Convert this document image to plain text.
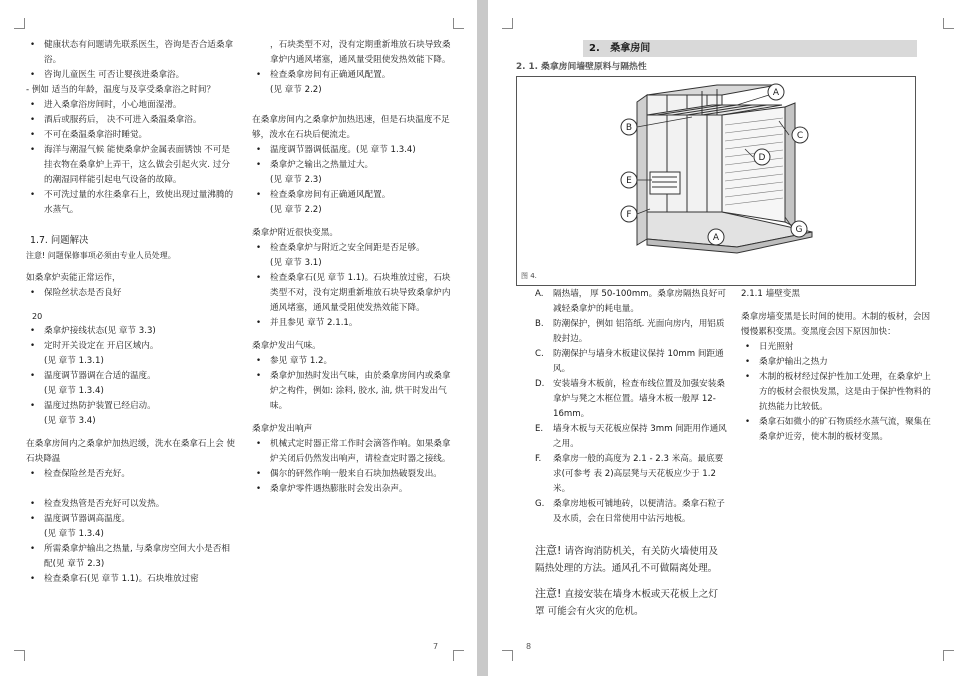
• 健康状态有问题请先联系医生，咨询是否合适桑拿浴。

• 咨询儿童医生 可否让婴孩进桑拿浴。

- 例如 适当的年龄，温度与及享受桑拿浴之时间？

• 进入桑拿浴房间时，小心地面湿滑。

• 酒后或服药后， 决不可进入桑温桑拿浴。

• 不可在桑温桑拿浴时睡觉。

• 海洋与潮湿气候 能使桑拿炉金属表面锈蚀 不可是挂衣物在桑拿炉上弄干，这么做会引起火灾. 过分的潮湿同样能引起电气设备的故障。

• 不可洗过量的水往桑拿石上，致使出现过量沸腾的水蒸气。

1.7. 问题解决

注意! 问题保修事项必须由专业人员处理。

如桑拿炉卖能正常运作，

• 保险丝状态是否良好

20

• 桑拿炉接线状态(见 章节 3.3)

• 定时开关设定在 开启区域内。

(见 章节 1.3.1)

• 温度调节器调在合适的温度。

(见 章节 1.3.4)

• 温度过热防护装置已经启动。

(见 章节 3.4)

在桑拿房间内之桑拿炉加热迟缓，洗水在桑拿石上会 使石块降温

• 检查保险丝是否充好。

• 检查发热管是否充好可以发热。

• 温度调节器调高温度。

(见 章节 1.3.4)

• 所需桑拿炉输出之热量, 与桑拿房空间大小是否相配(见 章节 2.3)

• 检查桑拿石(见 章节 1.1)。石块堆放过密

，石块类型不对，没有定期重新堆放石块导致桑拿炉内通风堵塞，通风量受阻使发热效能下降。

• 检查桑拿房间有正确通风配置。

(见 章节 2.2)

在桑拿房间内之桑拿炉加热迅速，但是石块温度不足够，泼水在石块后便流走。

• 温度调节器调低温度。(见 章节 1.3.4)

• 桑拿炉之输出之热量过大。

(见 章节 2.3)

• 检查桑拿房间有正确通风配置。

(见 章节 2.2)

桑拿炉附近很快变黑。

• 检查桑拿炉与附近之安全间距是否足够。

(见 章节 3.1)

• 检查桑拿石(见 章节 1.1)。石块堆放过密，石块类型不对，没有定期重新堆放石块导致桑拿炉内通风堵塞，通风量受阻使发热效能下降。

• 并且参见 章节 2.1.1。

桑拿炉发出气味。

• 参见 章节 1.2。

• 桑拿炉加热时发出气味，由於桑拿房间内或桑拿炉之构件，例如: 涂料, 胶水, 油, 烘干时发出气味。

桑拿炉发出响声

• 机械式定时器正常工作时会滴答作响。如果桑拿炉关闭后仍然发出响声，请检查定时器之接线。

• 偶尔的砰然作响一般来自石块加热破裂发出。

• 桑拿炉零件遇热膨胀时会发出杂声。

7	8
2. 桑拿房间
2. 1. 桑拿房间墙壁原料与隔热性
A
B
C
D
E
F
G
A
图 4.

A. 隔热墙， 厚 50-100mm。桑拿房隔热良好可减轻桑拿炉的耗电量。

B. 防潮保护，例如 铝箔纸. 光面向房内，用铝质胶封边。

C. 防潮保护与墙身木板建议保持 10mm 间距通风。

D. 安装墙身木板前，检查布线位置及加强安装桑拿炉与凳之木框位置。墙身木板一般厚 12-16mm。

E. 墙身木板与天花板应保持 3mm 间距用作通风之用。

F. 桑拿房一般的高度为 2.1 - 2.3 米高。最底要求(可参考 表 2)高层凳与天花板应少于 1.2 米。

G. 桑拿房地板可铺地砖，以便清洁。桑拿石粒子及水质，会在日常使用中沾污地板。

注意! 请咨询消防机关，有关防火墙使用及隔热处理的方法。通风孔不可做隔离处理。

注意! 直接安装在墙身木板或天花板上之灯罩 可能会有火灾的危机。

2.1.1 墙壁变黑

桑拿房墙变黑是长时间的使用。木制的板材，会因慢慢累积变黑。变黑度会因下原因加快：

• 日光照射

• 桑拿炉输出之热力

• 木制的板材经过保护性加工处理，在桑拿炉上方的板材会很快发黑，这是由于保护性物料的抗热能力比较低。

• 桑拿石如微小的矿石物质经水蒸气流，聚集在桑拿炉近旁，使木制的板材变黑。
